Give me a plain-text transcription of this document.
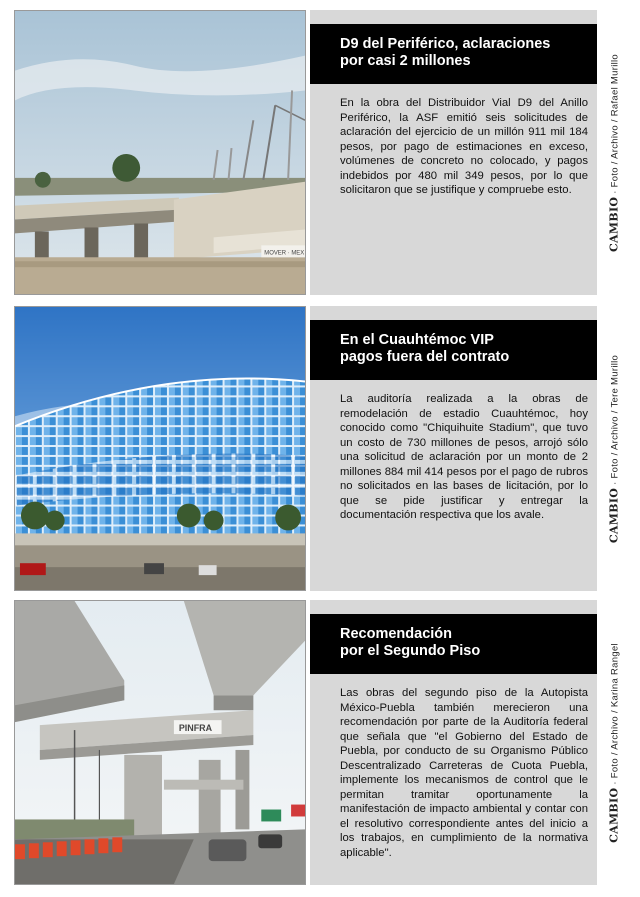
MOVER · MEX
D9 del Periférico, aclaraciones
por casi 2 millones

En la obra del Distribuidor Vial D9 del Anillo Periférico, la ASF emitió seis solicitudes de aclaración del ejercicio de un millón 911 mil 184 pesos, por pago de estimaciones en exceso, volúmenes de concreto no colocado, y pagos indebidos por 480 mil 349 pesos, por lo que solicitaron que se justifique y compruebe esto.

CAMBIO · Foto / Archivo / Rafael Murillo
En el Cuauhtémoc VIP
pagos fuera del contrato

La auditoría realizada a la obras de remodelación de estadio Cuauhtémoc, hoy conocido como "Chiquihuite Stadium", que tuvo un costo de 730 millones de pesos, arrojó sólo una solicitud de aclaración por un monto de 2 millones 884 mil 414 pesos por el pago de rubros no solicitados en las bases de licitación, por lo que se pide justificar y entregar la documentación respectiva que los avale.	CAMBIO · Foto / Archivo / Tere Murillo
PINFRA
Recomendación
por el Segundo Piso

Las obras del segundo piso de la Autopista México-Puebla también merecieron una recomendación por parte de la Auditoría federal que señala que "el Gobierno del Estado de Puebla, por conducto de su Organismo Público Descentralizado Carreteras de Cuota Puebla, implemente los mecanismos de control que le permitan tramitar oportunamente la manifestación de impacto ambiental y contar con el resolutivo correspondiente antes del inicio a los trabajos, en cumplimiento de la normativa aplicable".

CAMBIO · Foto / Archivo / Karina Rangel
